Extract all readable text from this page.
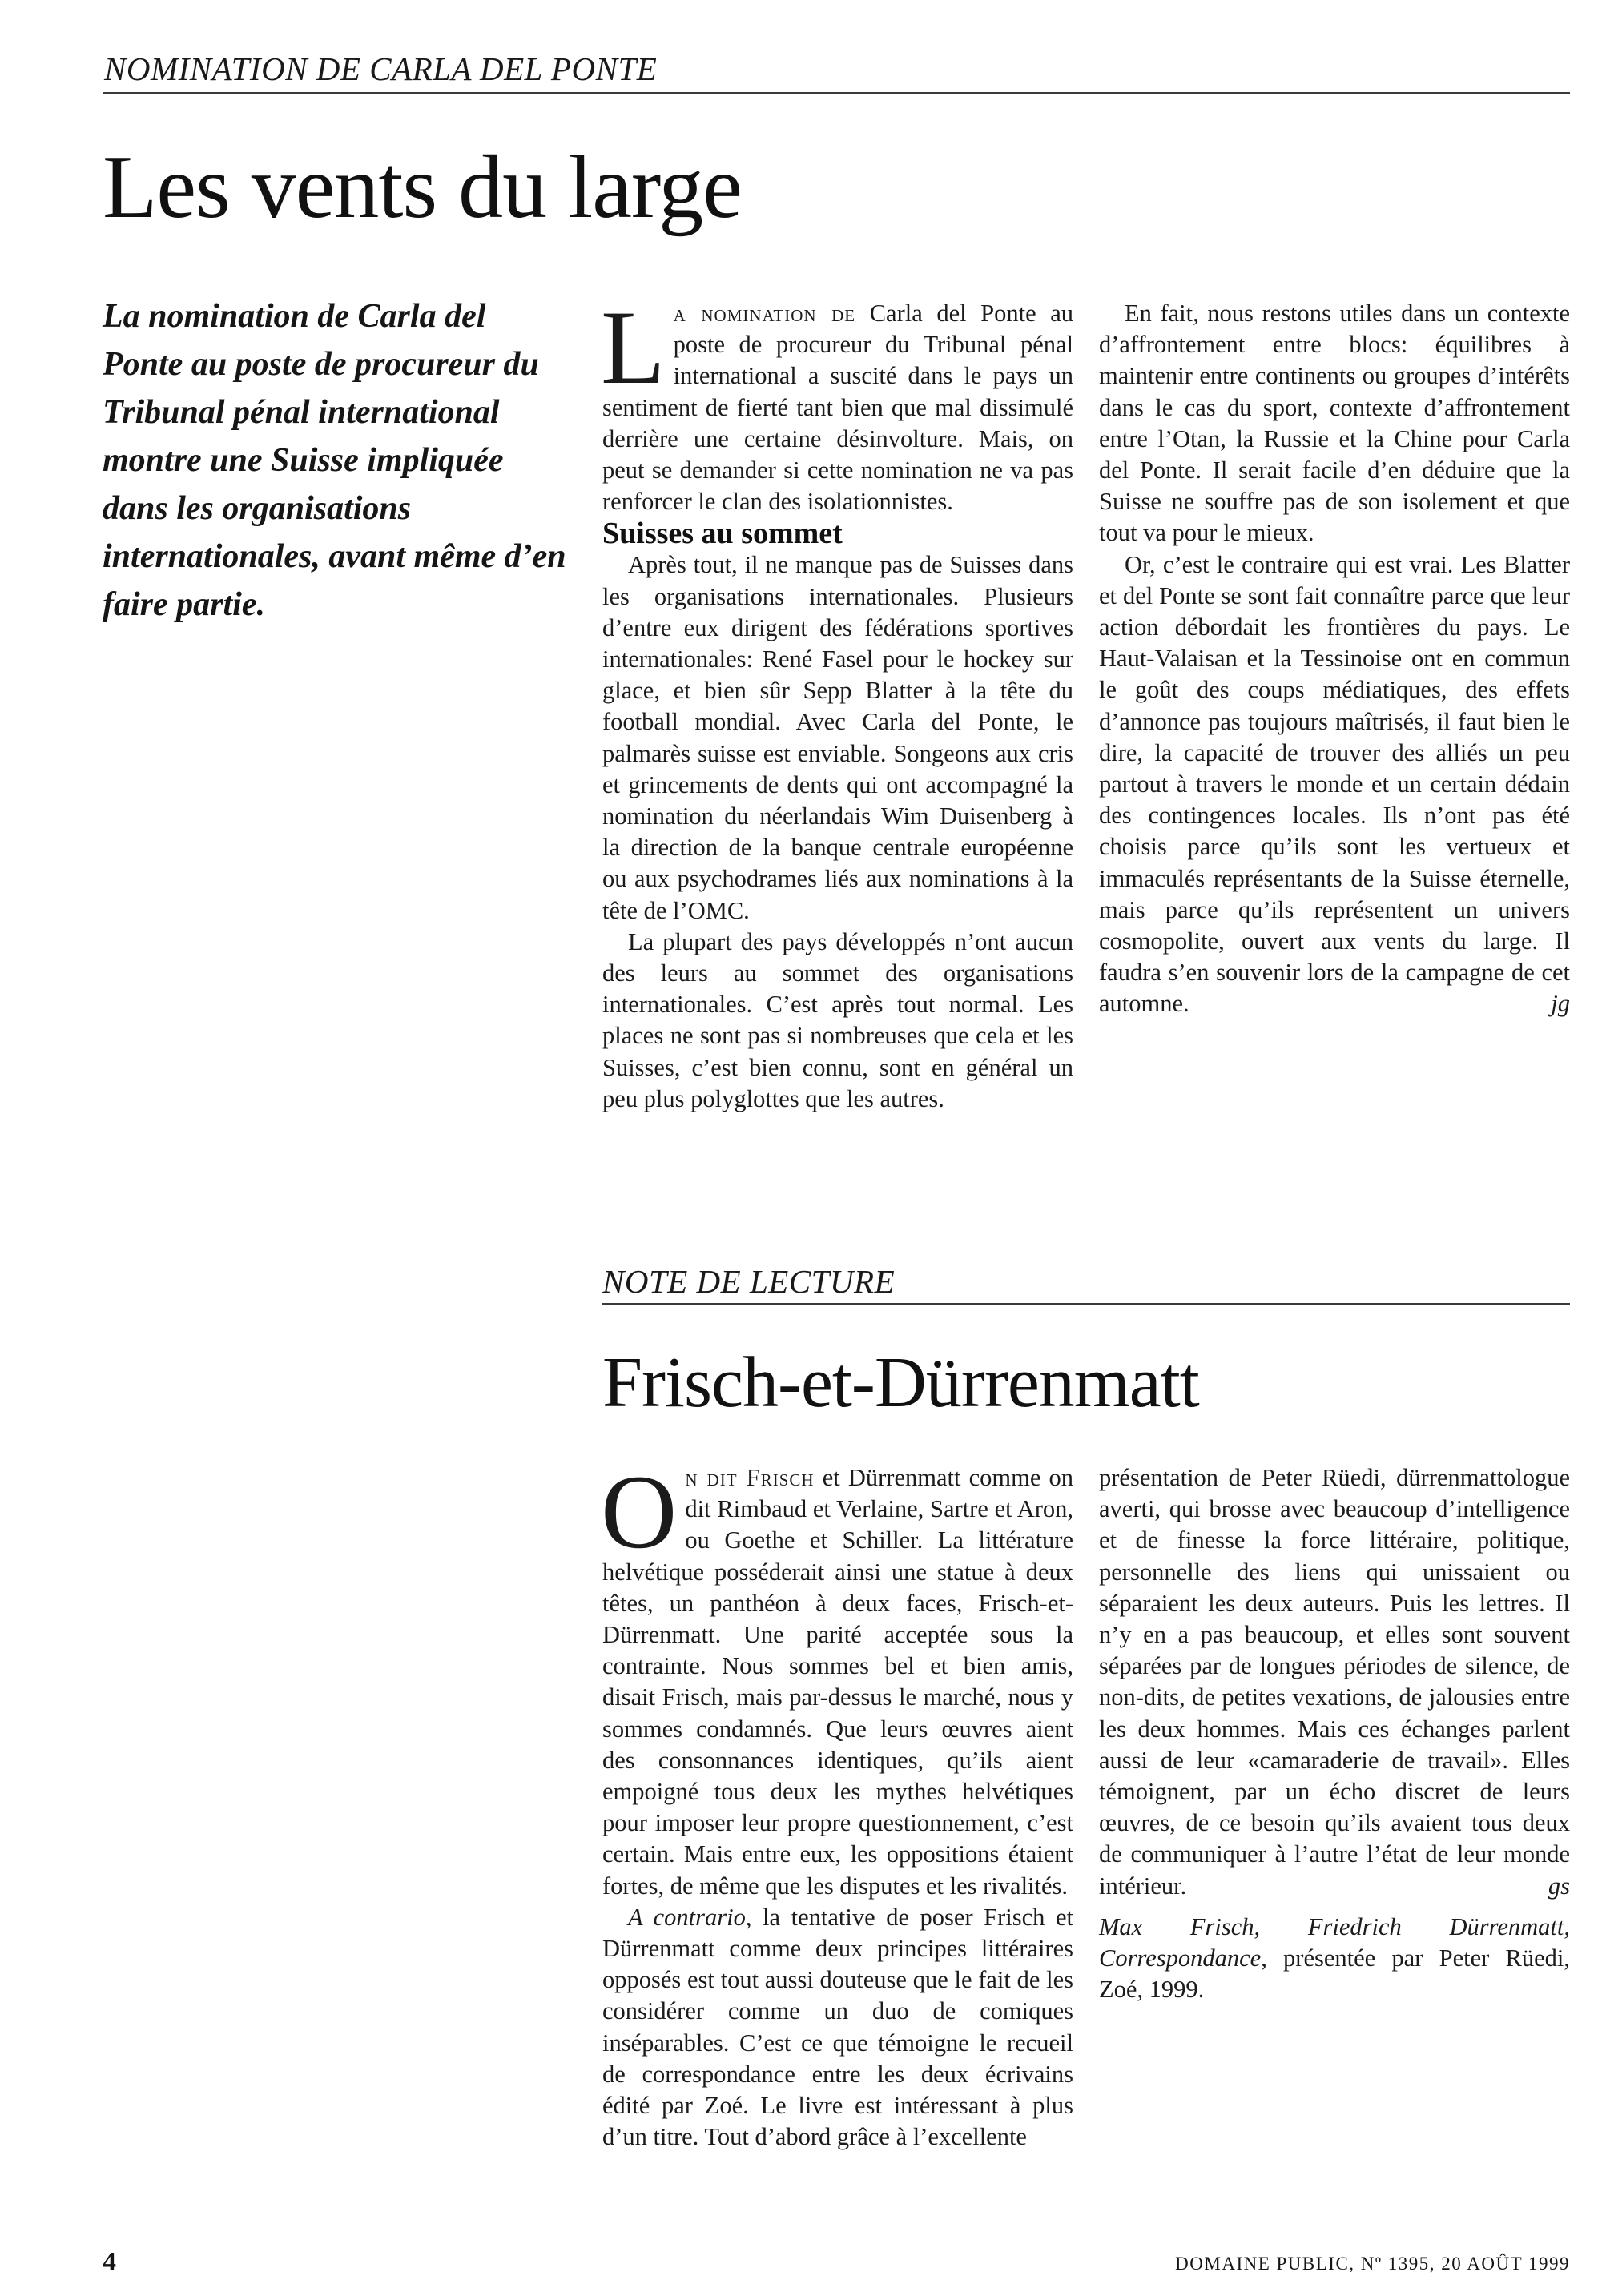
NOMINATION DE CARLA DEL PONTE
Les vents du large
La nomination de Carla del Ponte au poste de procureur du Tribunal pénal international montre une Suisse impliquée dans les organisations internationales, avant même d’en faire partie.

La nomination de Carla del Ponte au poste de procureur du Tribunal pénal international a suscité dans le pays un sentiment de fierté tant bien que mal dissimulé derrière une certaine désinvolture. Mais, on peut se demander si cette nomination ne va pas renforcer le clan des isolationnistes.

Suisses au sommet

Après tout, il ne manque pas de Suisses dans les organisations internationales. Plusieurs d’entre eux dirigent des fédérations sportives internationales: René Fasel pour le hockey sur glace, et bien sûr Sepp Blatter à la tête du football mondial. Avec Carla del Ponte, le palmarès suisse est enviable. Songeons aux cris et grincements de dents qui ont accompagné la nomination du néerlandais Wim Duisenberg à la direction de la banque centrale européenne ou aux psychodrames liés aux nominations à la tête de l’OMC.

La plupart des pays développés n’ont aucun des leurs au sommet des organisations internationales. C’est après tout normal. Les places ne sont pas si nombreuses que cela et les Suisses, c’est bien connu, sont en général un peu plus polyglottes que les autres.

En fait, nous restons utiles dans un contexte d’affrontement entre blocs: équilibres à maintenir entre continents ou groupes d’intérêts dans le cas du sport, contexte d’affrontement entre l’Otan, la Russie et la Chine pour Carla del Ponte. Il serait facile d’en déduire que la Suisse ne souffre pas de son isolement et que tout va pour le mieux.

Or, c’est le contraire qui est vrai. Les Blatter et del Ponte se sont fait connaître parce que leur action débordait les frontières du pays. Le Haut-Valaisan et la Tessinoise ont en commun le goût des coups médiatiques, des effets d’annonce pas toujours maîtrisés, il faut bien le dire, la capacité de trouver des alliés un peu partout à travers le monde et un certain dédain des contingences locales. Ils n’ont pas été choisis parce qu’ils sont les vertueux et immaculés représentants de la Suisse éternelle, mais parce qu’ils représentent un univers cosmopolite, ouvert aux vents du large. Il faudra s’en souvenir lors de la campagne de cet automne.	jg

NOTE DE LECTURE
Frisch-et-Dürrenmatt

On dit Frisch et Dürrenmatt comme on dit Rimbaud et Verlaine, Sartre et Aron, ou Goethe et Schiller. La littérature helvétique posséderait ainsi une statue à deux têtes, un panthéon à deux faces, Frisch-et-Dürrenmatt. Une parité acceptée sous la contrainte. Nous sommes bel et bien amis, disait Frisch, mais par-dessus le marché, nous y sommes condamnés. Que leurs œuvres aient des consonnances identiques, qu’ils aient empoigné tous deux les mythes helvétiques pour imposer leur propre questionnement, c’est certain. Mais entre eux, les oppositions étaient fortes, de même que les disputes et les rivalités.

A contrario, la tentative de poser Frisch et Dürrenmatt comme deux principes littéraires opposés est tout aussi douteuse que le fait de les considérer comme un duo de comiques inséparables. C’est ce que témoigne le recueil de correspondance entre les deux écrivains édité par Zoé. Le livre est intéressant à plus d’un titre. Tout d’abord grâce à l’excellente

présentation de Peter Rüedi, dürrenmattologue averti, qui brosse avec beaucoup d’intelligence et de finesse la force littéraire, politique, personnelle des liens qui unissaient ou séparaient les deux auteurs. Puis les lettres. Il n’y en a pas beaucoup, et elles sont souvent séparées par de longues périodes de silence, de non-dits, de petites vexations, de jalousies entre les deux hommes. Mais ces échanges parlent aussi de leur «camaraderie de travail». Elles témoignent, par un écho discret de leurs œuvres, de ce besoin qu’ils avaient tous deux de communiquer à l’autre l’état de leur monde intérieur.	gs

Max Frisch, Friedrich Dürrenmatt, Correspondance, présentée par Peter Rüedi, Zoé, 1999.

4	DOMAINE PUBLIC, Nº 1395, 20 AOÛT 1999
